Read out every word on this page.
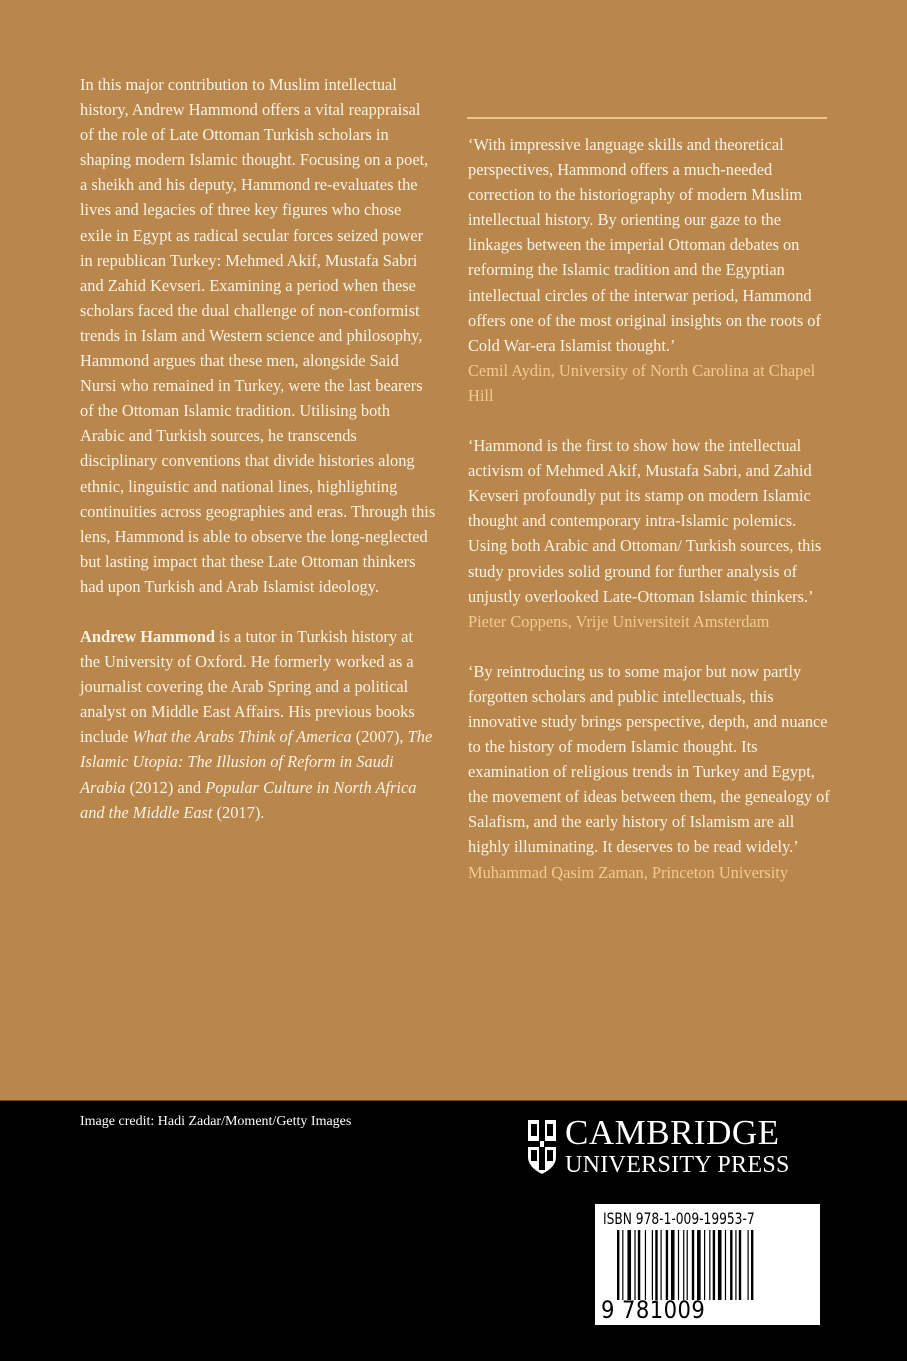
In this major contribution to Muslim intellectual history, Andrew Hammond offers a vital reappraisal of the role of Late Ottoman Turkish scholars in shaping modern Islamic thought. Focusing on a poet, a sheikh and his deputy, Hammond re-evaluates the lives and legacies of three key figures who chose exile in Egypt as radical secular forces seized power in republican Turkey: Mehmed Akif, Mustafa Sabri and Zahid Kevseri. Examining a period when these scholars faced the dual challenge of non-conformist trends in Islam and Western science and philosophy, Hammond argues that these men, alongside Said Nursi who remained in Turkey, were the last bearers of the Ottoman Islamic tradition. Utilising both Arabic and Turkish sources, he transcends disciplinary conventions that divide histories along ethnic, linguistic and national lines, highlighting continuities across geographies and eras. Through this lens, Hammond is able to observe the long-neglected but lasting impact that these Late Ottoman thinkers had upon Turkish and Arab Islamist ideology.

Andrew Hammond is a tutor in Turkish history at the University of Oxford. He formerly worked as a journalist covering the Arab Spring and a political analyst on Middle East Affairs. His previous books include What the Arabs Think of America (2007), The Islamic Utopia: The Illusion of Reform in Saudi Arabia (2012) and Popular Culture in North Africa and the Middle East (2017).

‘With impressive language skills and theoretical perspectives, Hammond offers a much-needed correction to the historiography of modern Muslim intellectual history. By orienting our gaze to the linkages between the imperial Ottoman debates on reforming the Islamic tradition and the Egyptian intellectual circles of the interwar period, Hammond offers one of the most original insights on the roots of Cold War-era Islamist thought.’
Cemil Aydin, University of North Carolina at Chapel Hill
‘Hammond is the first to show how the intellectual activism of Mehmed Akif, Mustafa Sabri, and Zahid Kevseri profoundly put its stamp on modern Islamic thought and contemporary intra-Islamic polemics. Using both Arabic and Ottoman/ Turkish sources, this study provides solid ground for further analysis of unjustly overlooked Late-Ottoman Islamic thinkers.’
Pieter Coppens, Vrije Universiteit Amsterdam
‘By reintroducing us to some major but now partly forgotten scholars and public intellectuals, this innovative study brings perspective, depth, and nuance to the history of modern Islamic thought. Its examination of religious trends in Turkey and Egypt, the movement of ideas between them, the genealogy of Salafism, and the early history of Islamism are all highly illuminating. It deserves to be read widely.’
Muhammad Qasim Zaman, Princeton University
Image credit: Hadi Zadar/Moment/Getty Images	CAMBRIDGE
UNIVERSITY PRESS
ISBN 978-1-009-19953-7
9 781009 199537 >
